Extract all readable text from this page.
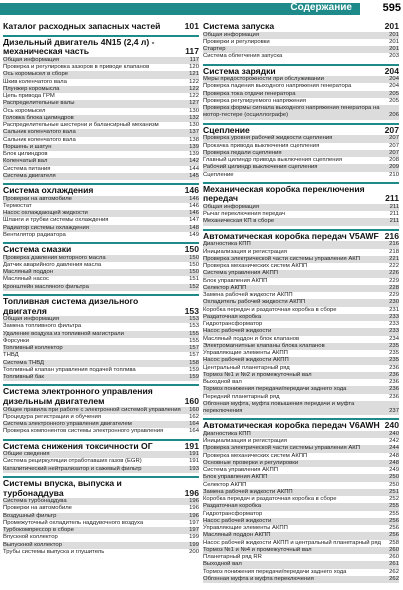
Содержание	595
Каталог расходных запасных частей	101
Дизельный двигатель 4N15 (2,4 л) - механическая часть	117
Общая информация	117
Проверка и регулировка зазоров в приводе клапанов	120
Ось коромысел в сборе	121
Шкив коленчатого вала	122
Плунжер коромысла	122
Цепь привода ГРМ	122
Распределительные валы	127
Ось коромысел	130
Головка блока цилиндров	132
Распределительные шестерни и балансирный механизм	130
Сальник коленчатого вала	137
Сальник коленчатого вала	138
Поршень и шатун	139
Блок цилиндров	139
Коленчатый вал	142
Система питания	144
Система двигателя	145
Система охлаждения	146
Проверки на автомобиле	146
Термостат	146
Насос охлаждающей жидкости	146
Шланги и трубки системы охлаждения	147
Радиатор системы охлаждения	148
Вентилятор радиатора	149
Система смазки	150
Проверка давления моторного масла	150
Датчик аварийного давления масла	150
Масляный поддон	150
Масляный насос	151
Кронштейн масляного фильтра	152
Топливная система дизельного двигателя	153
Общая информация	153
Замена топливного фильтра	153
Удаление воздуха из топливной магистрали	155
Форсунки	155
Топливный коллектор	157
ТНВД	157
Система ТНВД	158
Топливный клапан управления подачей топлива	159
Топливный бак	159
Система электронного управления дизельным двигателем	160
Общее правила при работе с электронной системой управления	160
Процедура регистрации и обучения	162
Система электронного управления двигателем	164
Проверка компонентов системы электронного управления	164
Система снижения токсичности ОГ	191
Общие сведения	191
Система рециркуляции отработавших газов (EGR)	191
Каталитический нейтрализатор и сажевый фильтр	193
Системы впуска, выпуска и турбонаддува	196
Система турбонаддува	196
Проверки на автомобиле	196
Воздушный фильтр	196
Промежуточный охладитель наддувочного воздуха	197
Турбокомпрессор в сборе	197
Впускной коллектор	199
Выпускной коллектор	199
Трубы системы выпуска и глушитель	200
Система запуска	201
Общая информация	201
Проверки и регулировки	201
Стартер	201
Система облегчения запуска	203
Система зарядки	204
Меры предосторожности при обслуживании	204
Проверка падения выходного напряжения генератора	204
Проверка тока отдачи генератора	205
Проверка регулируемого напряжения	205
Проверка формы сигнала выходного напряжения генератора на мотор-тестере (осциллографе)	206
Сцепление	207
Проверка уровня рабочей жидкости сцепления	207
Прокачка привода выключения сцепления	207
Проверка педали сцепления	207
Главный цилиндр привода выключения сцепления	208
Рабочий цилиндр выключения сцепления	209
Сцепление	210
Механическая коробка переключения передач	211
Общая информация	211
Рычаг переключения передач	211
Механическая КП в сборе	211
Автоматическая коробка передач V5AWF 216
Диагностика КПП	216
Инициализация и регистрация	218
Проверка электрической части системы управления АКП	221
Проверка механических систем АКПП	222
Система управления АКПП	226
Блок управления АКПП	229
Селектор АКПП	228
Замена рабочей жидкости АКПП	229
Охладитель рабочей жидкости АКПП	230
Коробка передач и раздаточная коробка в сборе	231
Раздаточная коробка	233
Гидротрансформатор	233
Насос рабочей жидкости	233
Масляный поддон и блок клапанов	234
Электромагнитные клапаны блока клапанов	235
Управляющие элементы АКПП	235
Насос рабочей жидкости АКПП	235
Центральный планетарный ряд	236
Тормоз №1 и №2 и промежуточный вал	236
Выходной вал	236
Тормоз понижения передачи/передачи заднего хода	236
Передний планетарный ряд	236
Обгонная муфта, муфта повышения передачи и муфта переключения	237
Автоматическая коробка передач V6AWH 240
Диагностика КПП	240
Инициализация и регистрация	242
Проверка электрической части системы управления АКП	244
Проверка механических систем АКПП	248
Основные проверки и регулировки	248
Система управления АКПП	249
Блок управления АКПП	250
Селектор АКПП	250
Замена рабочей жидкости АКПП	251
Коробка передач и раздаточная коробка в сборе	252
Раздаточная коробка	255
Гидротрансформатор	255
Насос рабочей жидкости	256
Управляющие элементы АКПП	256
Масляный поддон АКПП	256
Насос рабочей жидкости АКПП и центральный планетарный ряд	258
Тормоз №1 и №4 и промежуточный вал	260
Планетарный ряд RR	260
Выходной вал	261
Тормоз понижения передачи/передачи заднего хода	262
Обгонная муфта и муфта переключения	262
